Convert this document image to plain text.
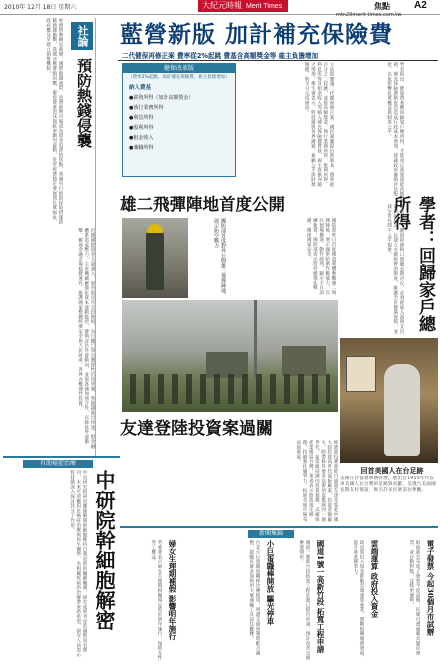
2010年 12月 18日 星期六	大紀元時報 Merit Times	焦點 A2
mtn29merit-times.com.tw
藍營新版 加計補充保險費
二代健保再修正案 費率從2%起跳 費基含高額獎金等 雇主負擔增加
經濟情勢瞬息萬變，國際熱錢流竄，亞洲新興市場成為資金追逐的焦點，各國央行紛紛採取措施防範熱錢衝擊，我國亦應審慎因應，避免資產泡沫與匯率劇烈波動，危害經濟穩定發展與民眾福祉，政府應及早建立預警機制。	社論
預防熱錢侵襲
近期國際資金大量湧入，股市與房市交投熱絡，央行雖已祭出選擇性信用管制，然熱錢進出快速，對金融體系造成壓力，主管機關應強化資本流動監控，審慎評估外資動向，並與各國加強合作，以降低外部衝擊，確保金融市場穩健運作，維護國家整體經濟安全與人民財產，各界亦應理性投資。
有助癌症治療
中研院幹細胞解密
中央研究院研究團隊解開幹細胞維持自我更新的關鍵機制，研究成果刊登於國際知名期刊，未來可望應用於癌症治療與再生醫學，為相關疾病的治療帶來新希望，研究人員表示將持續深入探討其分子作用。
健保改革版
（費率2%起跳，加計補充保險費，雇主負擔增加）
納入費基
●薪資所得（加計高額獎金）
●執行業務所得
●利息所得
●股利所得
●租金收入
●兼職所得	立法院審議二代健保修正案，國民黨團提出新版本，費率從百分之二起跳，並將高額獎金、執行業務所得、股利所得、利息所得及租金收入等納入補充保險費費基，雇主負擔亦隨之增加。衛生署表示，將持續與各界溝通，兼顧公平與財務穩健，盼早日完成修法。	學者指出，健保費基應回歸家戶總所得，才能真正落實量能負擔原則，補充保險費制度恐造成行政成本增加，建議政府審慎評估配套，以免影響民眾權益與制度公平。
學者：回歸家戶總所得
專家認為，健保財務缺口問題長期存在，必須從收入面與支出面同步檢討，以建立永續經營的制度，維護全民健康保障，並減少世代間不公平現象。
雄二飛彈陣地首度公開
國防部首度對外公開雄二飛彈陣地，展示防空戰力	國防部昨日首度開放媒體參觀雄二飛彈陣地，展示國軍防衛作戰能力，官兵現場操演，動作純熟，顯示平日訓練紮實，國防部表示將持續強化戰備，確保國家安全。
回首美國人在台足跡
美國在台協會舉辦特展，展出自1950年代以來美國人在台灣的足跡與貢獻，呈現台美兩國長期友好情誼，吸引許多民眾前往參觀。
友達登陸投資案過關
經濟部投審會昨日通過友達光電赴中國大陸投資高世代面板廠案，投資金額龐大，附帶條件要求技術須落後國內一個世代，並需維持國內投資規模，以確保產業根留台灣，業者表示將依規定辦理，持續強化競爭力，拓展全球市場布局與發展。
新聞集錦
電子發票 今起30個月市試辦
財政部宣布電子發票今起試辦，民眾可透過載具儲存發票，並自動對獎，兌獎更便利。
雲端運算 政府投入資金
政府將投入資金推動雲端運算產業，帶動相關服務發展，提升產業競爭力。
國道1號一高新竹段 拓寬工程申請
國道一號新竹段拓寬工程計畫已提出申請，預計改善交通壅塞情形。
小巨蛋職棒開放 驅光停車
台北小巨蛋開放職棒比賽使用，周邊交通管制將配合調整，提醒民眾多加利用大眾運輸工具前往觀賽。
婦女生理期補假 影響明年施行
勞委會表示婦女生理假相關規定將於明年施行，保障女性勞工權益。
